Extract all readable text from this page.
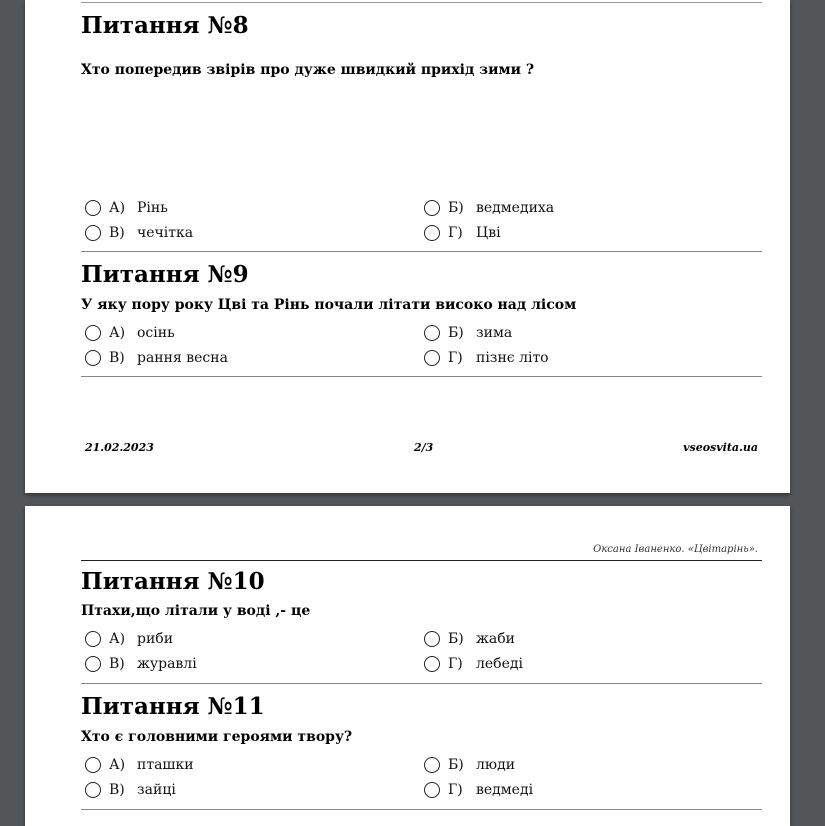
Питання №8
Хто попередив звірів про дуже швидкий прихід зими ?
А) Рінь	Б) ведмедиха
В) чечітка	Г) Цві
Питання №9
У яку пору року Цві та Рінь почали літати високо над лісом
А) осінь	Б) зима
В) рання весна	Г) пізнє літо
21.02.2023	2/3	vseosvita.ua
Оксана Іваненко. «Цвітарінь».
Питання №10
Птахи,що літали у воді ,- це
А) риби	Б) жаби
В) журавлі	Г) лебеді
Питання №11
Хто є головними героями твору?
А) пташки	Б) люди
В) зайці	Г) ведмеді
